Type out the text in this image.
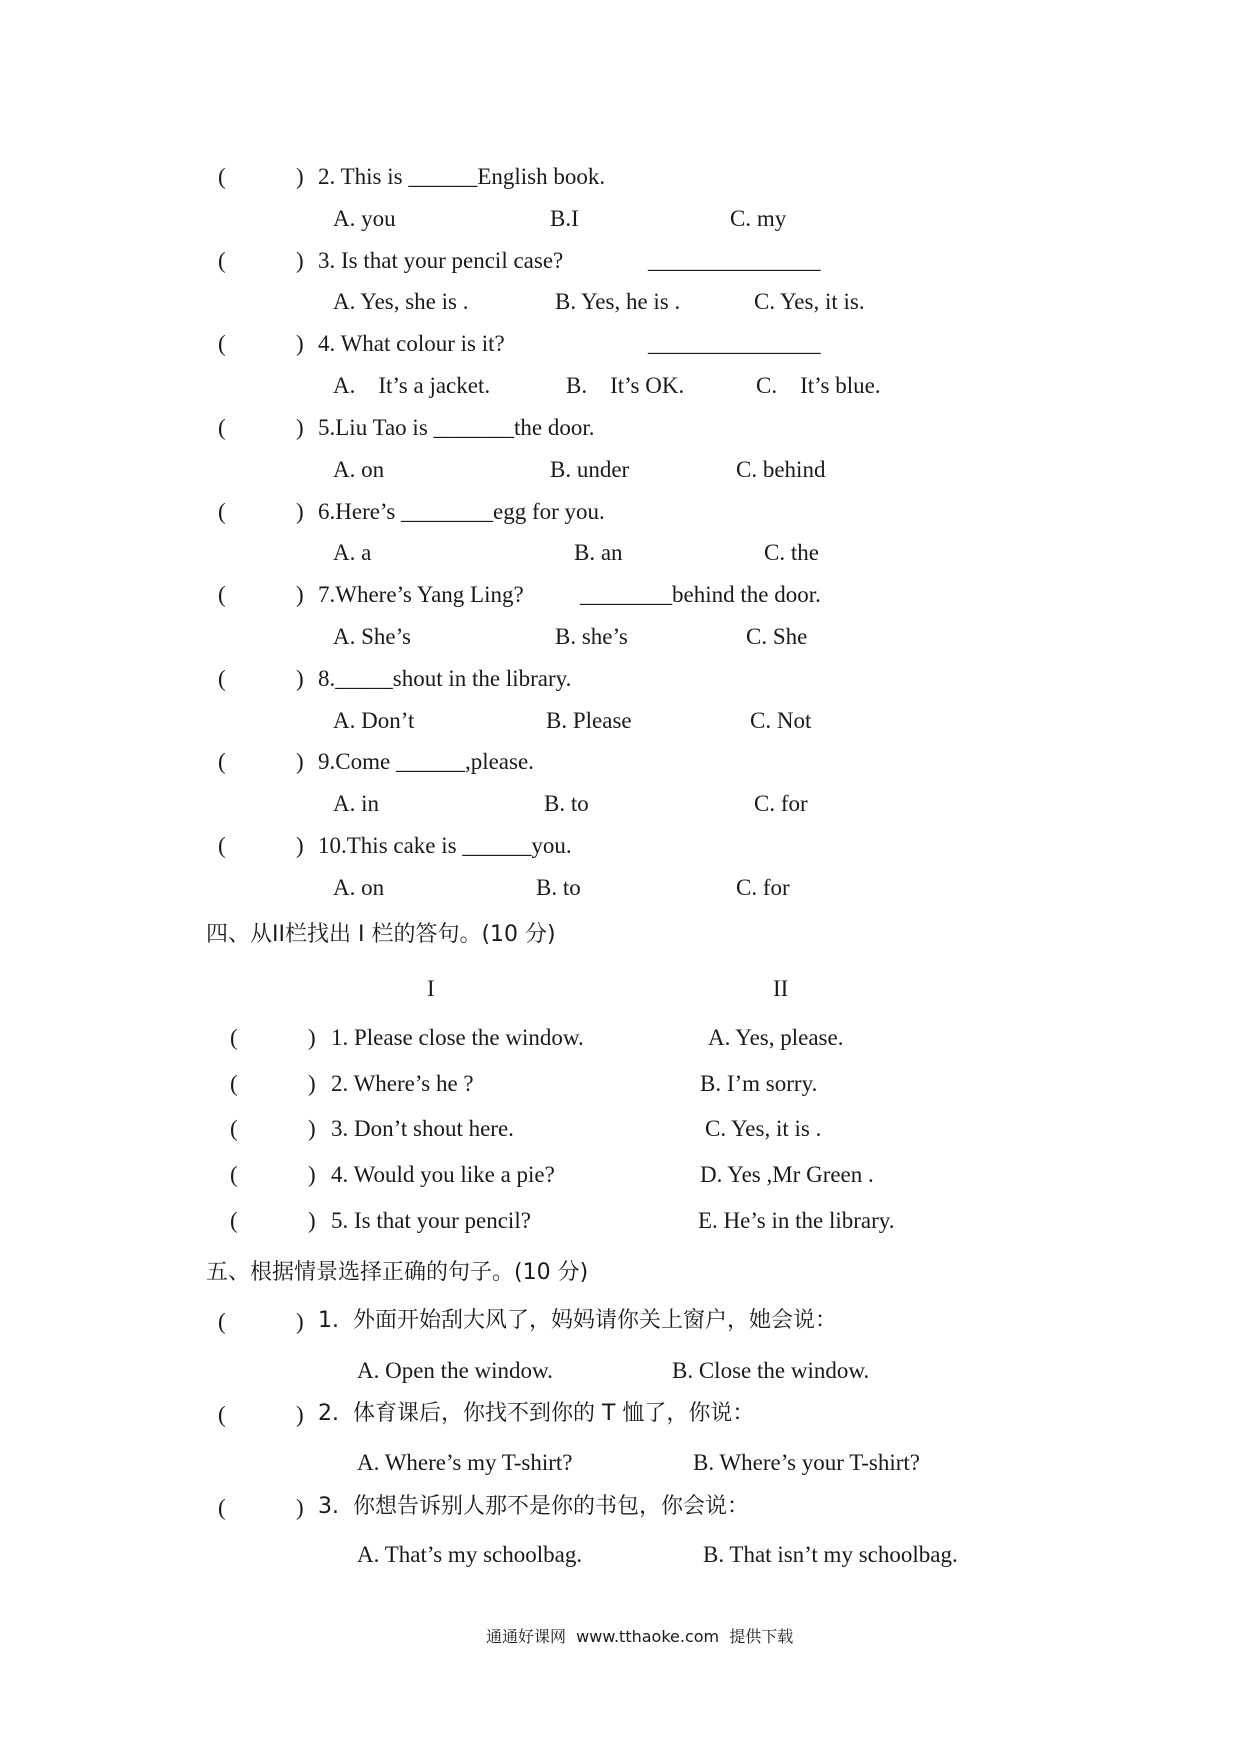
(	) 2. This is ______English book.
A. you	B.I	C. my
(	) 3. Is that your pencil case?	_______________
A. Yes, she is .	B. Yes, he is .	C. Yes, it is.
(	) 4. What colour is it?	_______________
A.    It’s a jacket.	B.    It’s OK.	C.    It’s blue.
(	) 5.Liu Tao is _______the door.
A. on	B. under	C. behind
(	) 6.Here’s ________egg for you.
A. a	B. an	C. the
(	) 7.Where’s Yang Ling? ________behind the door.
A. She’s	B. she’s	C. She
(	) 8._____shout in the library.
A. Don’t	B. Please	C. Not
(	) 9.Come ______,please.
A. in	B. to	C. for
(	) 10.This cake is ______you.
A. on	B. to	C. for
四、从II栏找出 I 栏的答句。(10 分)
I	II
(	) 1. Please close the window.	A. Yes, please.
(	) 2. Where’s he ?	B. I’m sorry.
(	) 3. Don’t shout here.	C. Yes, it is .
(	) 4. Would you like a pie?	D. Yes ,Mr Green .
(	) 5. Is that your pencil?	E. He’s in the library.
五、根据情景选择正确的句子。(10 分)
(	) 1.  外面开始刮大风了，妈妈请你关上窗户，她会说：
A. Open the window.	B. Close the window.
(	) 2.  体育课后，你找不到你的 T 恤了，你说：
A. Where’s my T-shirt?	B. Where’s your T-shirt?
(	) 3.  你想告诉别人那不是你的书包，你会说：
A. That’s my schoolbag.	B. That isn’t my schoolbag.
通通好课网  www.tthaoke.com  提供下载
